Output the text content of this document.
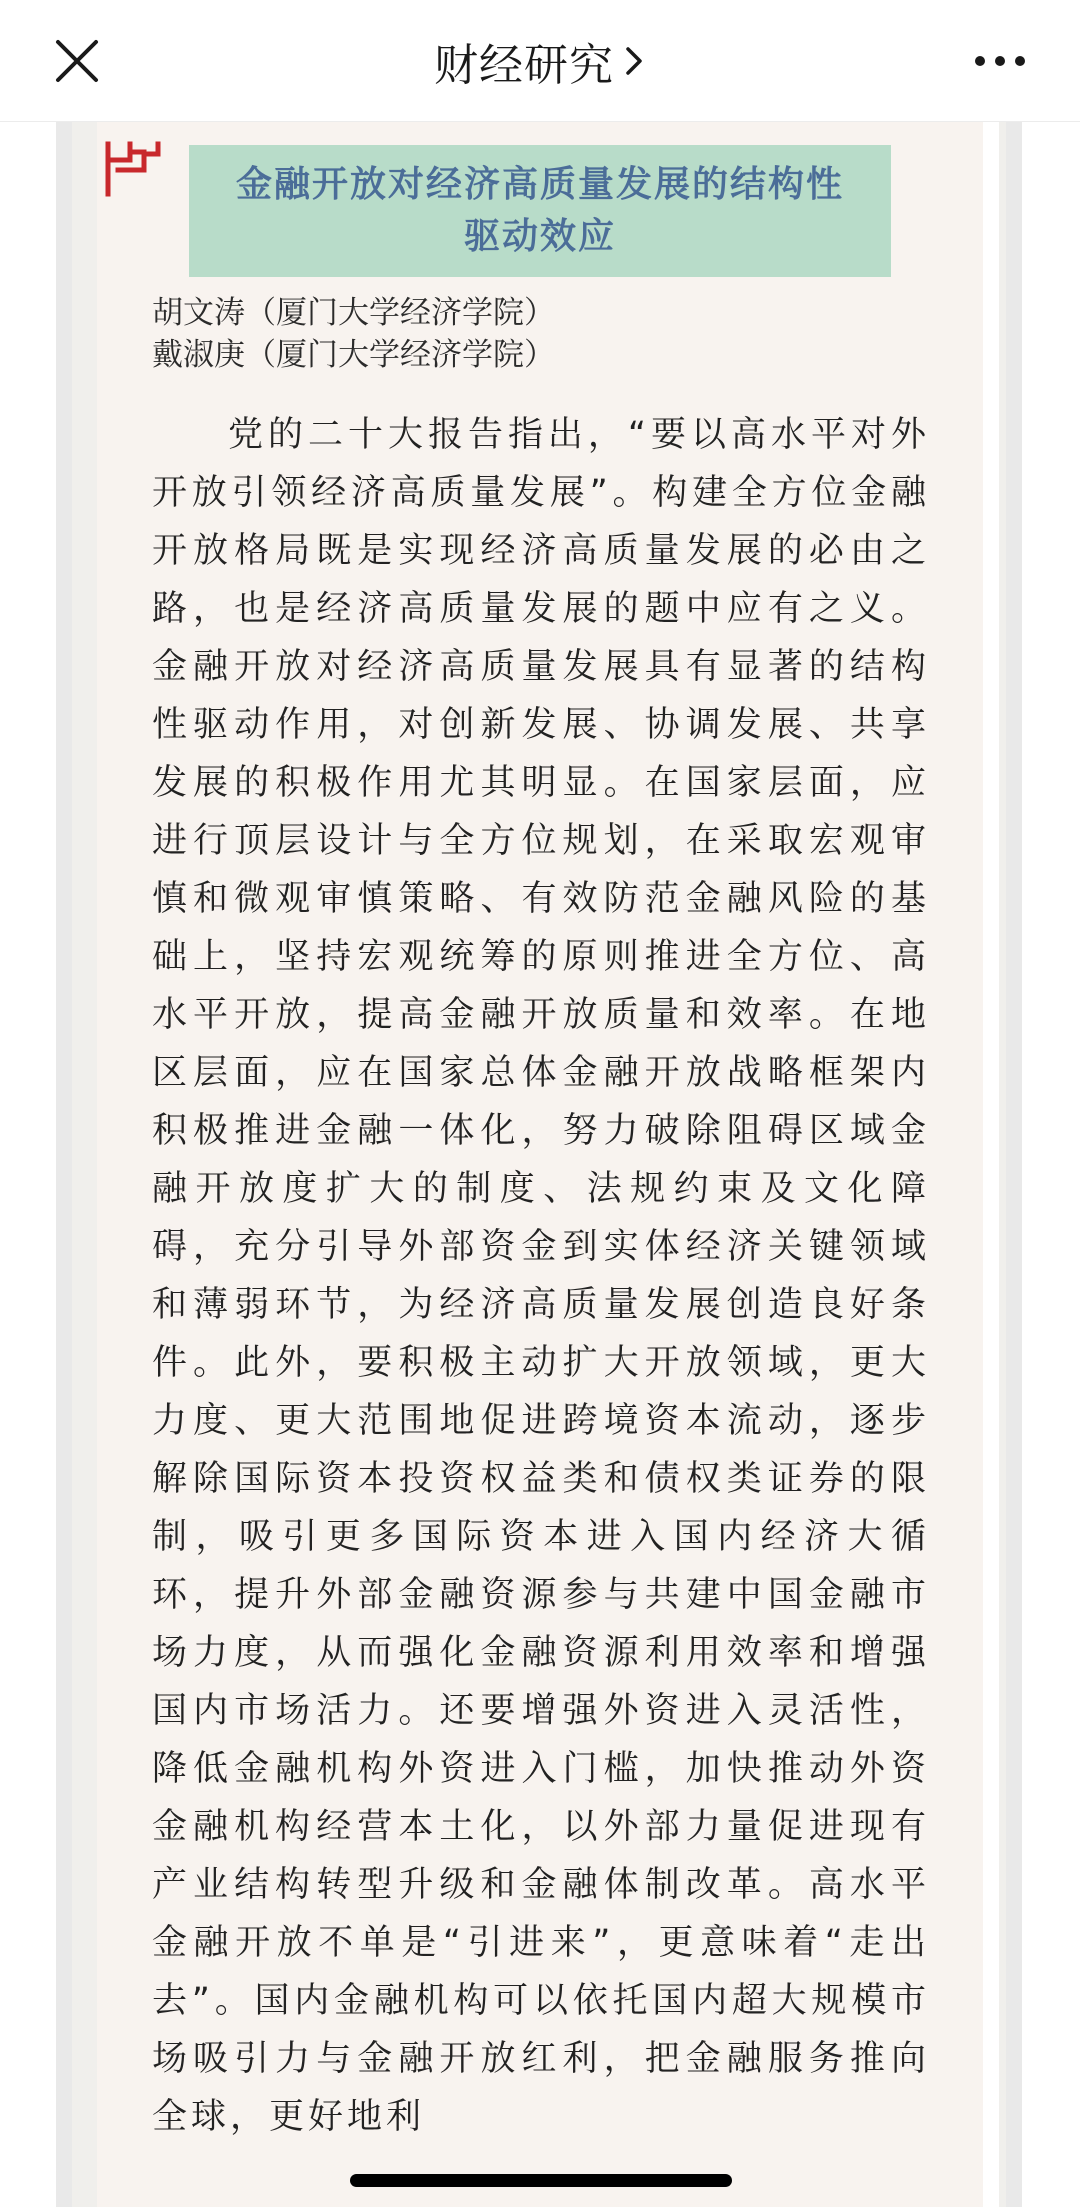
财经研究
金融开放对经济高质量发展的结构性驱动效应
胡文涛（厦门大学经济学院）
戴淑庚（厦门大学经济学院）

党的二十大报告指出，“要以高水平对外开放引领经济高质量发展”。构建全方位金融开放格局既是实现经济高质量发展的必由之路，也是经济高质量发展的题中应有之义。金融开放对经济高质量发展具有显著的结构性驱动作用，对创新发展、协调发展、共享发展的积极作用尤其明显。在国家层面，应进行顶层设计与全方位规划，在采取宏观审慎和微观审慎策略、有效防范金融风险的基础上，坚持宏观统筹的原则推进全方位、高水平开放，提高金融开放质量和效率。在地区层面，应在国家总体金融开放战略框架内积极推进金融一体化，努力破除阻碍区域金融开放度扩大的制度、法规约束及文化障碍，充分引导外部资金到实体经济关键领域和薄弱环节，为经济高质量发展创造良好条件。此外，要积极主动扩大开放领域，更大力度、更大范围地促进跨境资本流动，逐步解除国际资本投资权益类和债权类证券的限制，吸引更多国际资本进入国内经济大循环，提升外部金融资源参与共建中国金融市场力度，从而强化金融资源利用效率和增强国内市场活力。还要增强外资进入灵活性，降低金融机构外资进入门槛，加快推动外资金融机构经营本土化，以外部力量促进现有产业结构转型升级和金融体制改革。高水平金融开放不单是“引进来”，更意味着“走出去”。国内金融机构可以依托国内超大规模市场吸引力与金融开放红利，把金融服务推向全球，更好地利
